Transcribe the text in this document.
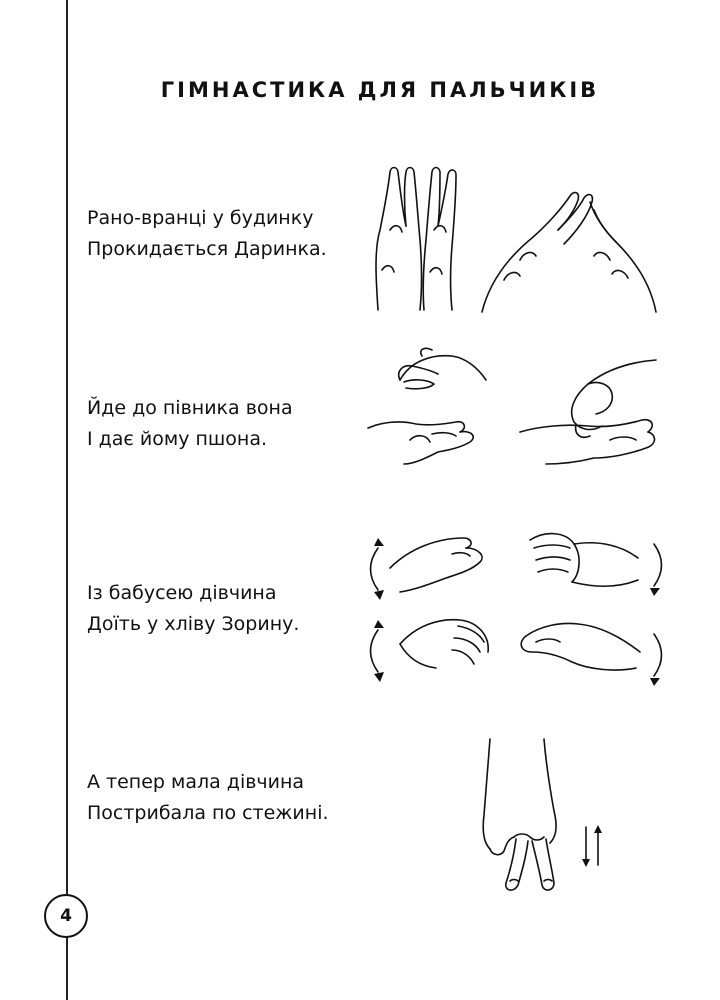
ГІМНАСТИКА ДЛЯ ПАЛЬЧИКІВ

Рано-вранці у будинку
Прокидається Даринка.

Йде до півника вона
І дає йому пшона.

Із бабусею дівчина
Доїть у хліву Зорину.

А тепер мала дівчина
Пострибала по стежині.

4
